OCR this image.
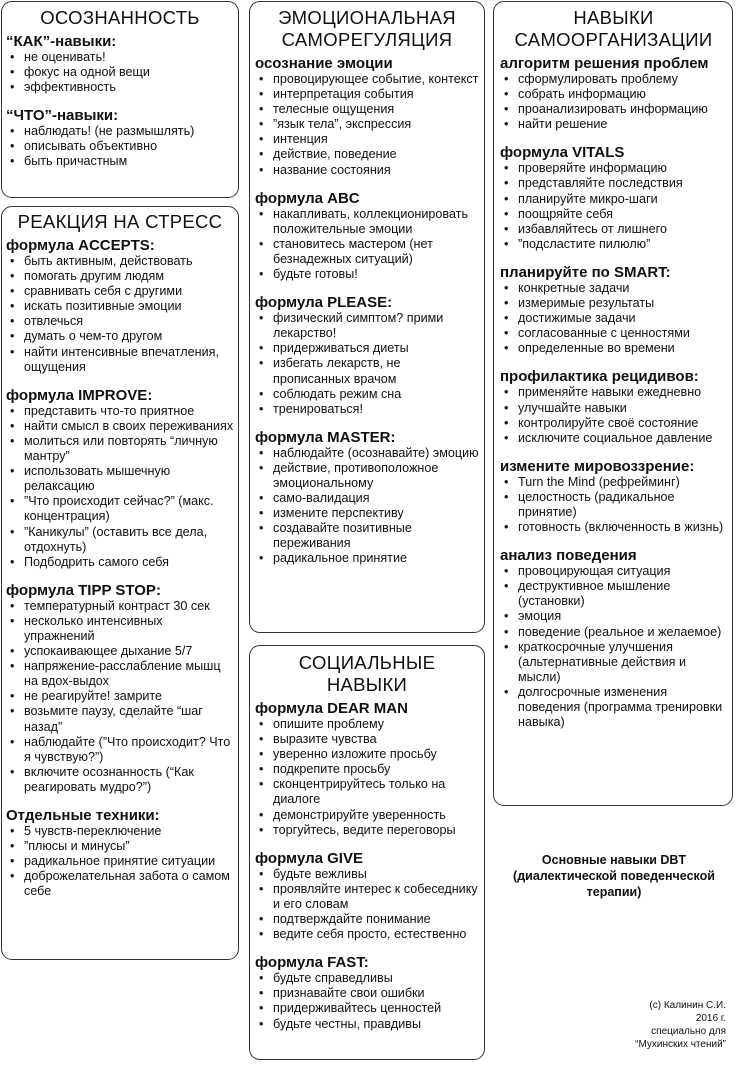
ОСОЗНАННОСТЬ
“КАК”-навыки:
• не оценивать!
• фокус на одной вещи
• эффективность
“ЧТО”-навыки:
• наблюдать! (не размышлять)
• описывать объективно
• быть причастным
РЕАКЦИЯ НА СТРЕСС
формула ACCEPTS:
• быть активным, действовать
• помогать другим людям
• сравнивать себя с другими
• искать позитивные эмоции
• отвлечься
• думать о чем-то другом
• найти интенсивные впечатления, ощущения
формула IMPROVE:
• представить что-то приятное
• найти смысл в своих переживаниях
• молиться или повторять “личную мантру”
• использовать мышечную релаксацию
• ”Что происходит сейчас?” (макс. концентрация)
• ”Каникулы” (оставить все дела, отдохнуть)
• Подбодрить самого себя
формула TIPP STOP:
• температурный контраст 30 сек
• несколько интенсивных упражнений
• успокаивающее дыхание 5/7
• напряжение-расслабление мышц на вдох-выдох
• не реагируйте! замрите
• возьмите паузу, сделайте “шаг назад”
• наблюдайте (”Что происходит? Что я чувствую?”)
• включите осознанность (“Как реагировать мудро?”)
Отдельные техники:
• 5 чувств-переключение
• ”плюсы и минусы”
• радикальное принятие ситуации
• доброжелательная забота о самом себе
ЭМОЦИОНАЛЬНАЯ
САМОРЕГУЛЯЦИЯ
осознание эмоции
• провоцирующее событие, контекст
• интерпретация события
• телесные ощущения
• ”язык тела”, экспрессия
• интенция
• действие, поведение
• название состояния
формула ABC
• накапливать, коллекционировать положительные эмоции
• становитесь мастером (нет безнадежных ситуаций)
• будьте готовы!
формула PLEASE:
• физический симптом? прими лекарство!
• придерживаться диеты
• избегать лекарств, не прописанных врачом
• соблюдать режим сна
• тренироваться!
формула MASTER:
• наблюдайте (осознавайте) эмоцию
• действие, противоположное эмоциональному
• само-валидация
• измените перспективу
• создавайте позитивные переживания
• радикальное принятие
СОЦИАЛЬНЫЕ
НАВЫКИ
формула DEAR MAN
• опишите проблему
• выразите чувства
• уверенно изложите просьбу
• подкрепите просьбу
• сконцентрируйтесь только на диалоге
• демонстрируйте уверенность
• торгуйтесь, ведите переговоры
формула GIVE
• будьте вежливы
• проявляйте интерес к собеседнику и его словам
• подтверждайте понимание
• ведите себя просто, естественно
формула FAST:
• будьте справедливы
• признавайте свои ошибки
• придерживайтесь ценностей
• будьте честны, правдивы
НАВЫКИ
САМООРГАНИЗАЦИИ
алгоритм решения проблем
• сформулировать проблему
• собрать информацию
• проанализировать информацию
• найти решение
формула VITALS
• проверяйте информацию
• представляйте последствия
• планируйте микро-шаги
• поощряйте себя
• избавляйтесь от лишнего
• ”подсластите пилюлю”
планируйте по SMART:
• конкретные задачи
• измеримые результаты
• достижимые задачи
• согласованные с ценностями
• определенные во времени
профилактика рецидивов:
• применяйте навыки ежедневно
• улучшайте навыки
• контролируйте своё состояние
• исключите социальное давление
измените мировоззрение:
• Turn the Mind (рефрейминг)
• целостность (радикальное принятие)
• готовность (включенность в жизнь)
анализ поведения
• провоцирующая ситуация
• деструктивное мышление (установки)
• эмоция
• поведение (реальное и желаемое)
• краткосрочные улучшения (альтернативные действия и мысли)
• долгосрочные изменения поведения (программа тренировки навыка)
Основные навыки DBT
(диалектической поведенческой
терапии)
(с) Калинин С.И.
2016 г.
специально для
“Мухинских чтений”
